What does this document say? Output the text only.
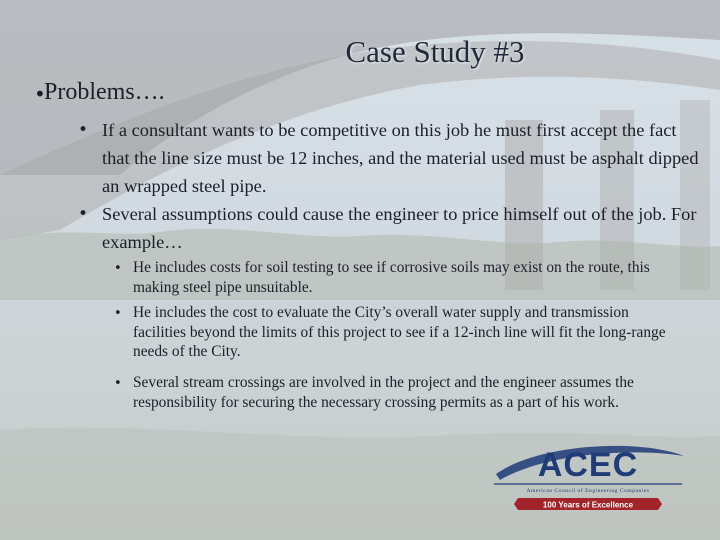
Case Study #3
•
Problems….
• If a consultant wants to be competitive on this job he must first accept the fact that the line size must be 12 inches, and the material used must be asphalt dipped an wrapped steel pipe.
• Several assumptions could cause the engineer to price himself out of the job. For example…
• He includes costs for soil testing to see if corrosive soils may exist on the route, this making steel pipe unsuitable.
• He includes the cost to evaluate the City’s overall water supply and transmission facilities beyond the limits of this project to see if a 12-inch line will fit the long-range needs of the City.
• Several stream crossings are involved in the project and the engineer assumes the responsibility for securing the necessary crossing permits as a part of his work.
ACEC
American Council of Engineering Companies
100 Years of Excellence
